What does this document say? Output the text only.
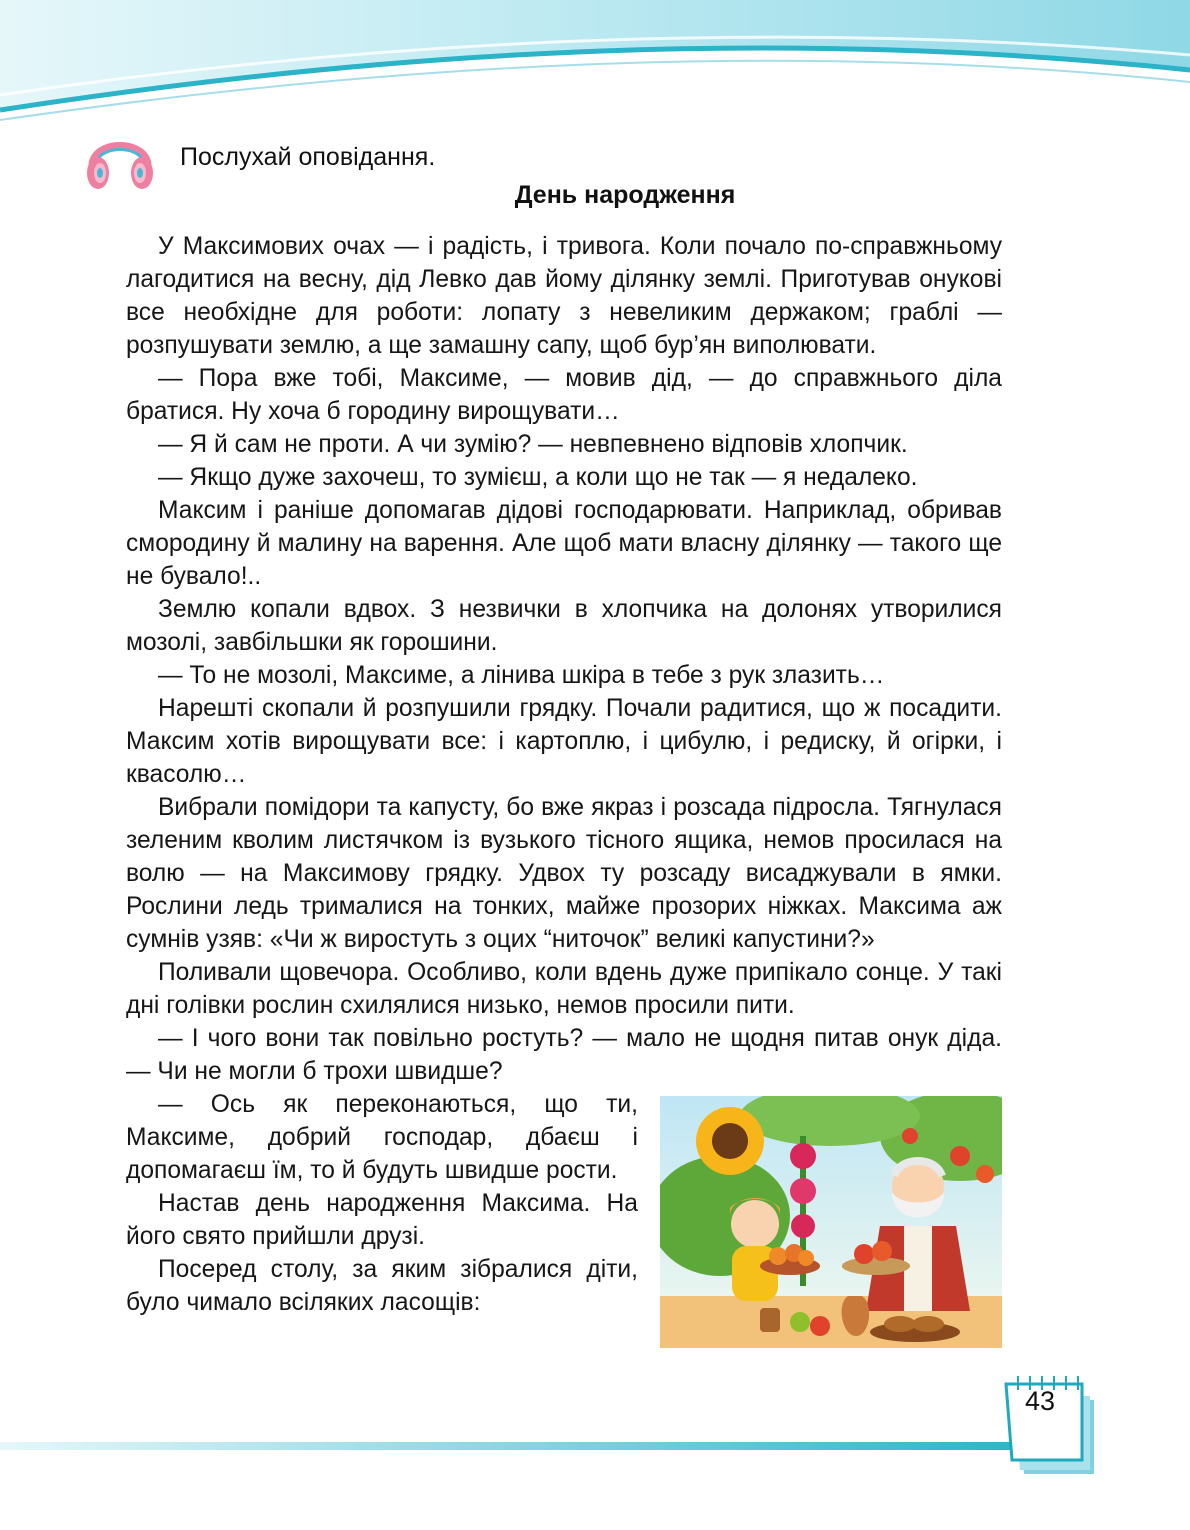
Послухай оповідання.
День народження

У Максимових очах — і радість, і тривога. Коли почало по-справжньому лагодитися на весну, дід Левко дав йому ділянку землі. Приготував онукові все необхідне для роботи: лопату з невеликим держаком; граблі — розпушувати землю, а ще замашну сапу, щоб бур’ян виполювати.

— Пора вже тобі, Максиме, — мовив дід, — до справжнього діла братися. Ну хоча б городину вирощувати…

— Я й сам не проти. А чи зумію? — невпевнено відповів хлопчик.

— Якщо дуже захочеш, то зумієш, а коли що не так — я недалеко.

Максим і раніше допомагав дідові господарювати. Наприклад, обривав смородину й малину на варення. Але щоб мати власну ділянку — такого ще не бувало!..

Землю копали вдвох. З незвички в хлопчика на долонях утворилися мозолі, завбільшки як горошини.

— То не мозолі, Максиме, а лінива шкіра в тебе з рук злазить…

Нарешті скопали й розпушили грядку. Почали радитися, що ж посадити. Максим хотів вирощувати все: і картоплю, і цибулю, і редиску, й огірки, і квасолю…

Вибрали помідори та капусту, бо вже якраз і розсада підросла. Тягнулася зеленим кволим листячком із вузького тісного ящика, немов просилася на волю — на Максимову грядку. Удвох ту розсаду висаджували в ямки. Рослини ледь трималися на тонких, майже прозорих ніжках. Максима аж сумнів узяв: «Чи ж виростуть з оцих “ниточок” великі капустини?»

Поливали щовечора. Особливо, коли вдень дуже припікало сонце. У такі дні голівки рослин схилялися низько, немов просили пити.

— І чого вони так повільно ростуть? — мало не щодня питав онук діда. — Чи не могли б трохи швидше?

— Ось як переконаються, що ти, Максиме, добрий господар, дбаєш і допомагаєш їм, то й будуть швидше рости.

Настав день народження Максима. На його свято прийшли друзі.

Посеред столу, за яким зібралися діти, було чимало всіляких ласощів:

43
